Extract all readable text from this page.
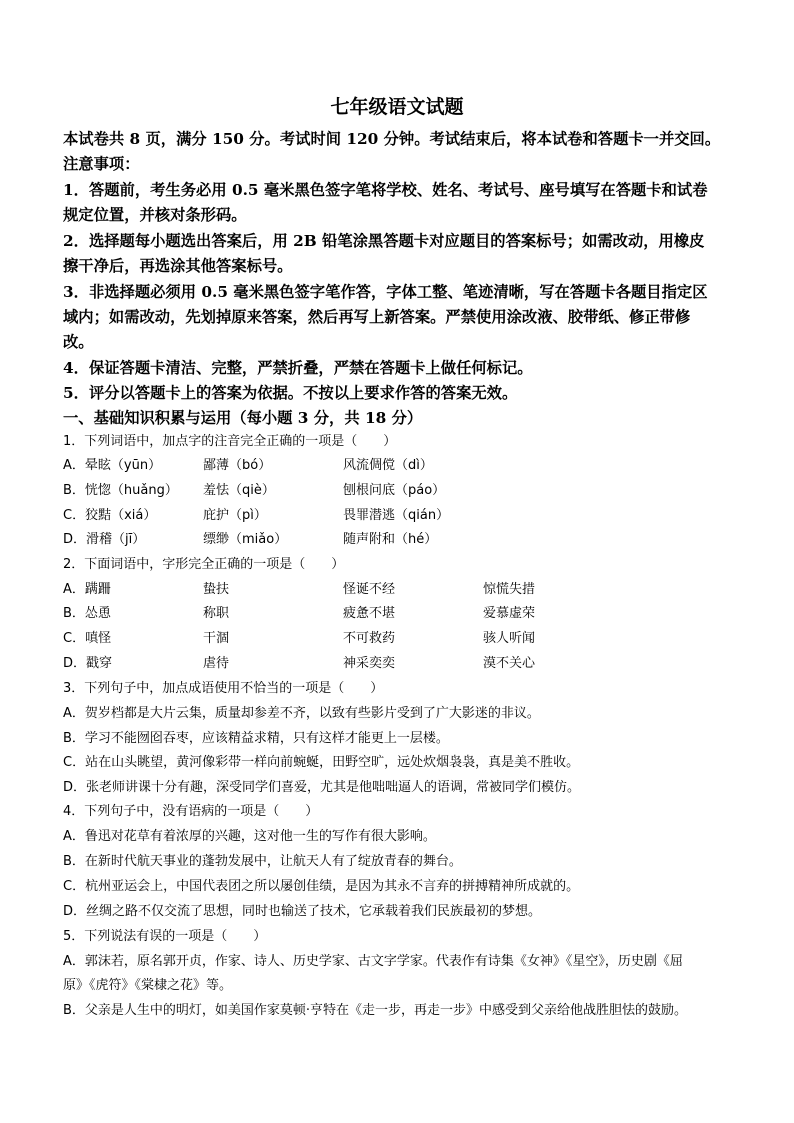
七年级语文试题
本试卷共 8 页，满分 150 分。考试时间 120 分钟。考试结束后，将本试卷和答题卡一并交回。
注意事项：
1．答题前，考生务必用 0.5 毫米黑色签字笔将学校、姓名、考试号、座号填写在答题卡和试卷
规定位置，并核对条形码。
2．选择题每小题选出答案后，用 2B 铅笔涂黑答题卡对应题目的答案标号；如需改动，用橡皮
擦干净后，再选涂其他答案标号。
3．非选择题必须用 0.5 毫米黑色签字笔作答，字体工整、笔迹清晰，写在答题卡各题目指定区
域内；如需改动，先划掉原来答案，然后再写上新答案。严禁使用涂改液、胶带纸、修正带修
改。
4．保证答题卡清洁、完整，严禁折叠，严禁在答题卡上做任何标记。
5．评分以答题卡上的答案为依据。不按以上要求作答的答案无效。
一、基础知识积累与运用（每小题 3 分，共 18 分）
1．下列词语中，加点字的注音完全正确的一项是（　　）
A．晕眩（yūn）	鄙薄（bó）	风流倜傥（dì）
B．恍惚（huǎng） 羞怯（qiè）	刨根问底（páo）
C．狡黠（xiá）	庇护（pì）	畏罪潜逃（qián）
D．滑稽（jī）	缥缈（miǎo）	随声附和（hé）
2．下面词语中，字形完全正确的一项是（　　）
A．蹒跚	蛰扶	怪诞不经	惊慌失措
B．怂恿	称职	疲惫不堪	爱慕虚荣
C．嗔怪	干涸	不可救药	骇人听闻
D．戳穿	虐待	神采奕奕	漠不关心
3．下列句子中，加点成语使用不恰当的一项是（　　）
A．贺岁档都是大片云集，质量却参差不齐，以致有些影片受到了广大影迷的非议。
B．学习不能囫囵吞枣，应该精益求精，只有这样才能更上一层楼。
C．站在山头眺望，黄河像彩带一样向前蜿蜒，田野空旷，远处炊烟袅袅，真是美不胜收。
D．张老师讲课十分有趣，深受同学们喜爱，尤其是他咄咄逼人的语调，常被同学们模仿。
4．下列句子中，没有语病的一项是（　　）
A．鲁迅对花草有着浓厚的兴趣，这对他一生的写作有很大影响。
B．在新时代航天事业的蓬勃发展中，让航天人有了绽放青春的舞台。
C．杭州亚运会上，中国代表团之所以屡创佳绩，是因为其永不言弃的拼搏精神所成就的。
D．丝绸之路不仅交流了思想，同时也输送了技术，它承载着我们民族最初的梦想。
5．下列说法有误的一项是（　　）
A．郭沫若，原名郭开贞，作家、诗人、历史学家、古文字学家。代表作有诗集《女神》《星空》，历史剧《屈
原》《虎符》《棠棣之花》等。
B．父亲是人生中的明灯，如美国作家莫顿·亨特在《走一步，再走一步》中感受到父亲给他战胜胆怯的鼓励。
